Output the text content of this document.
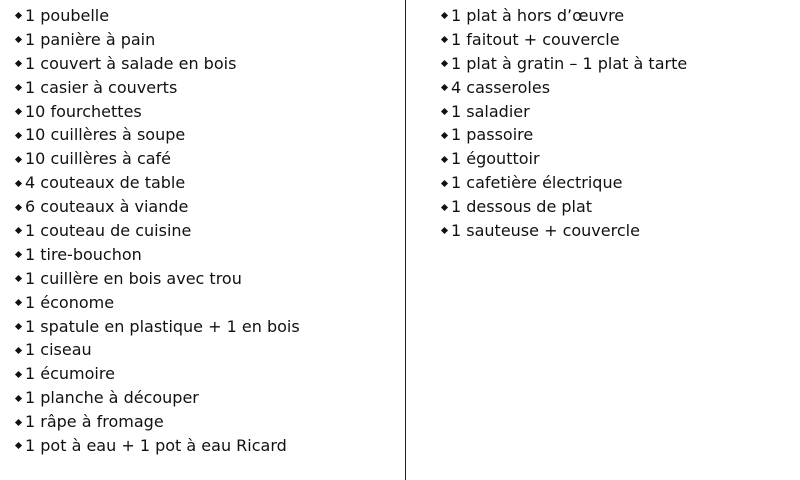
1 poubelle
1 panière à pain
1 couvert à salade en bois
1 casier à couverts
10 fourchettes
10 cuillères à soupe
10 cuillères à café
4 couteaux de table
6 couteaux à viande
1 couteau de cuisine
1 tire-bouchon
1 cuillère en bois avec trou
1 économe
1 spatule en plastique + 1 en bois
1 ciseau
1 écumoire
1 planche à découper
1 râpe à fromage
1 pot à eau + 1 pot à eau Ricard
1 plat à hors d’œuvre
1 faitout + couvercle
1 plat à gratin – 1 plat à tarte
4 casseroles
1 saladier
1 passoire
1 égouttoir
1 cafetière électrique
1 dessous de plat
1 sauteuse + couvercle
